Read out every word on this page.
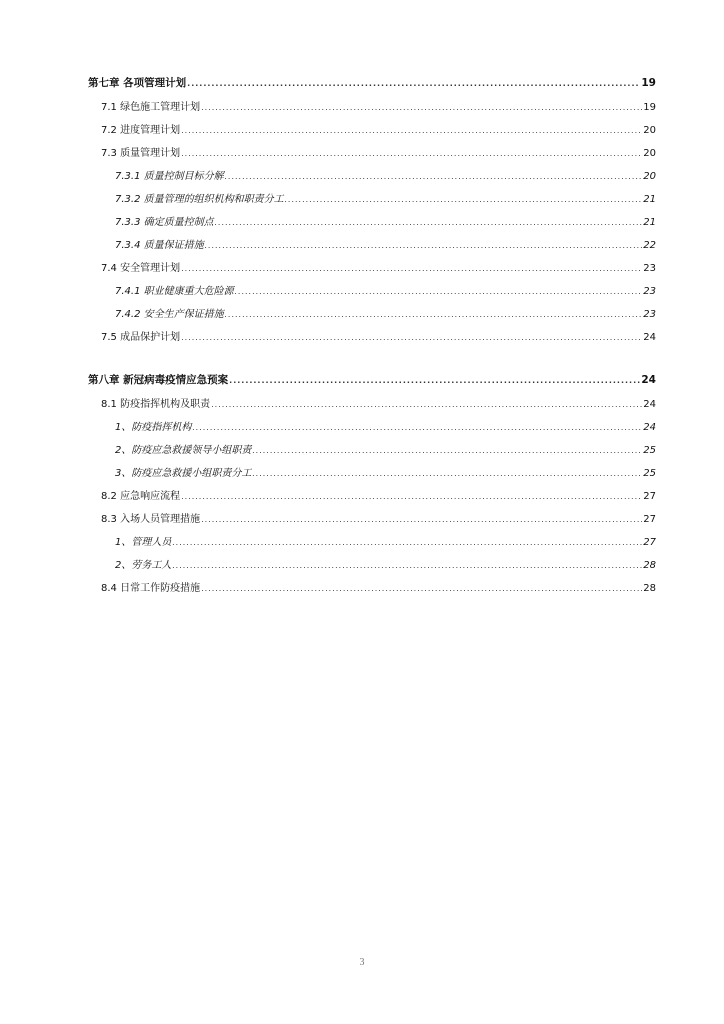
第七章 各项管理计划 .....	19
7.1 绿色施工管理计划 .....	19
7.2 进度管理计划 .....	20
7.3 质量管理计划 .....	20
7.3.1 质量控制目标分解 .....	20
7.3.2 质量管理的组织机构和职责分工 .....	21
7.3.3 确定质量控制点 .....	21
7.3.4 质量保证措施 .....	22
7.4 安全管理计划 .....	23
7.4.1 职业健康重大危险源 .....	23
7.4.2 安全生产保证措施 .....	23
7.5 成品保护计划 .....	24
第八章 新冠病毒疫情应急预案 .....	24
8.1 防疫指挥机构及职责 .....	24
1、防疫指挥机构 .....	24
2、防疫应急救援领导小组职责 .....	25
3、防疫应急救援小组职责分工 .....	25
8.2 应急响应流程 .....	27
8.3 入场人员管理措施 .....	27
1、管理人员 .....	27
2、劳务工人 .....	28
8.4 日常工作防疫措施 .....	28
3
